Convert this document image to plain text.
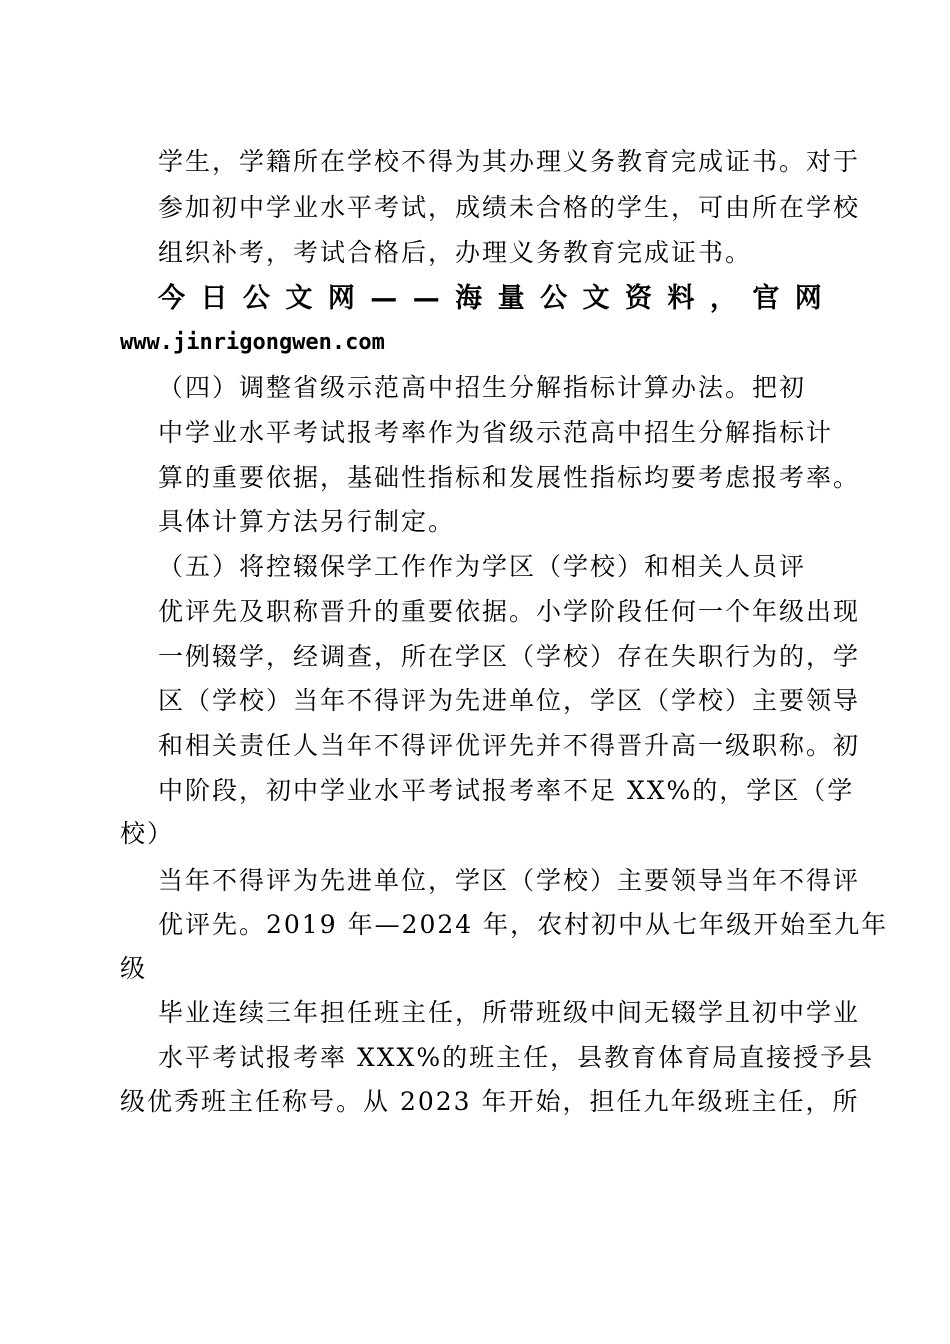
学生，学籍所在学校不得为其办理义务教育完成证书。对于
参加初中学业水平考试，成绩未合格的学生，可由所在学校
组织补考，考试合格后，办理义务教育完成证书。
今 日 公 文 网 — — 海 量 公 文 资 料 ， 官 网
www.jinrigongwen.com
（四）调整省级示范高中招生分解指标计算办法。把初
中学业水平考试报考率作为省级示范高中招生分解指标计
算的重要依据，基础性指标和发展性指标均要考虑报考率。
具体计算方法另行制定。
（五）将控辍保学工作作为学区（学校）和相关人员评
优评先及职称晋升的重要依据。小学阶段任何一个年级出现
一例辍学，经调查，所在学区（学校）存在失职行为的，学
区（学校）当年不得评为先进单位，学区（学校）主要领导
和相关责任人当年不得评优评先并不得晋升高一级职称。初
中阶段，初中学业水平考试报考率不足 XX%的，学区（学
校）
当年不得评为先进单位，学区（学校）主要领导当年不得评
优评先。2019 年—2024 年，农村初中从七年级开始至九年
级
毕业连续三年担任班主任，所带班级中间无辍学且初中学业
水平考试报考率 XXX%的班主任，县教育体育局直接授予县
级优秀班主任称号。从 2023 年开始，担任九年级班主任，所
